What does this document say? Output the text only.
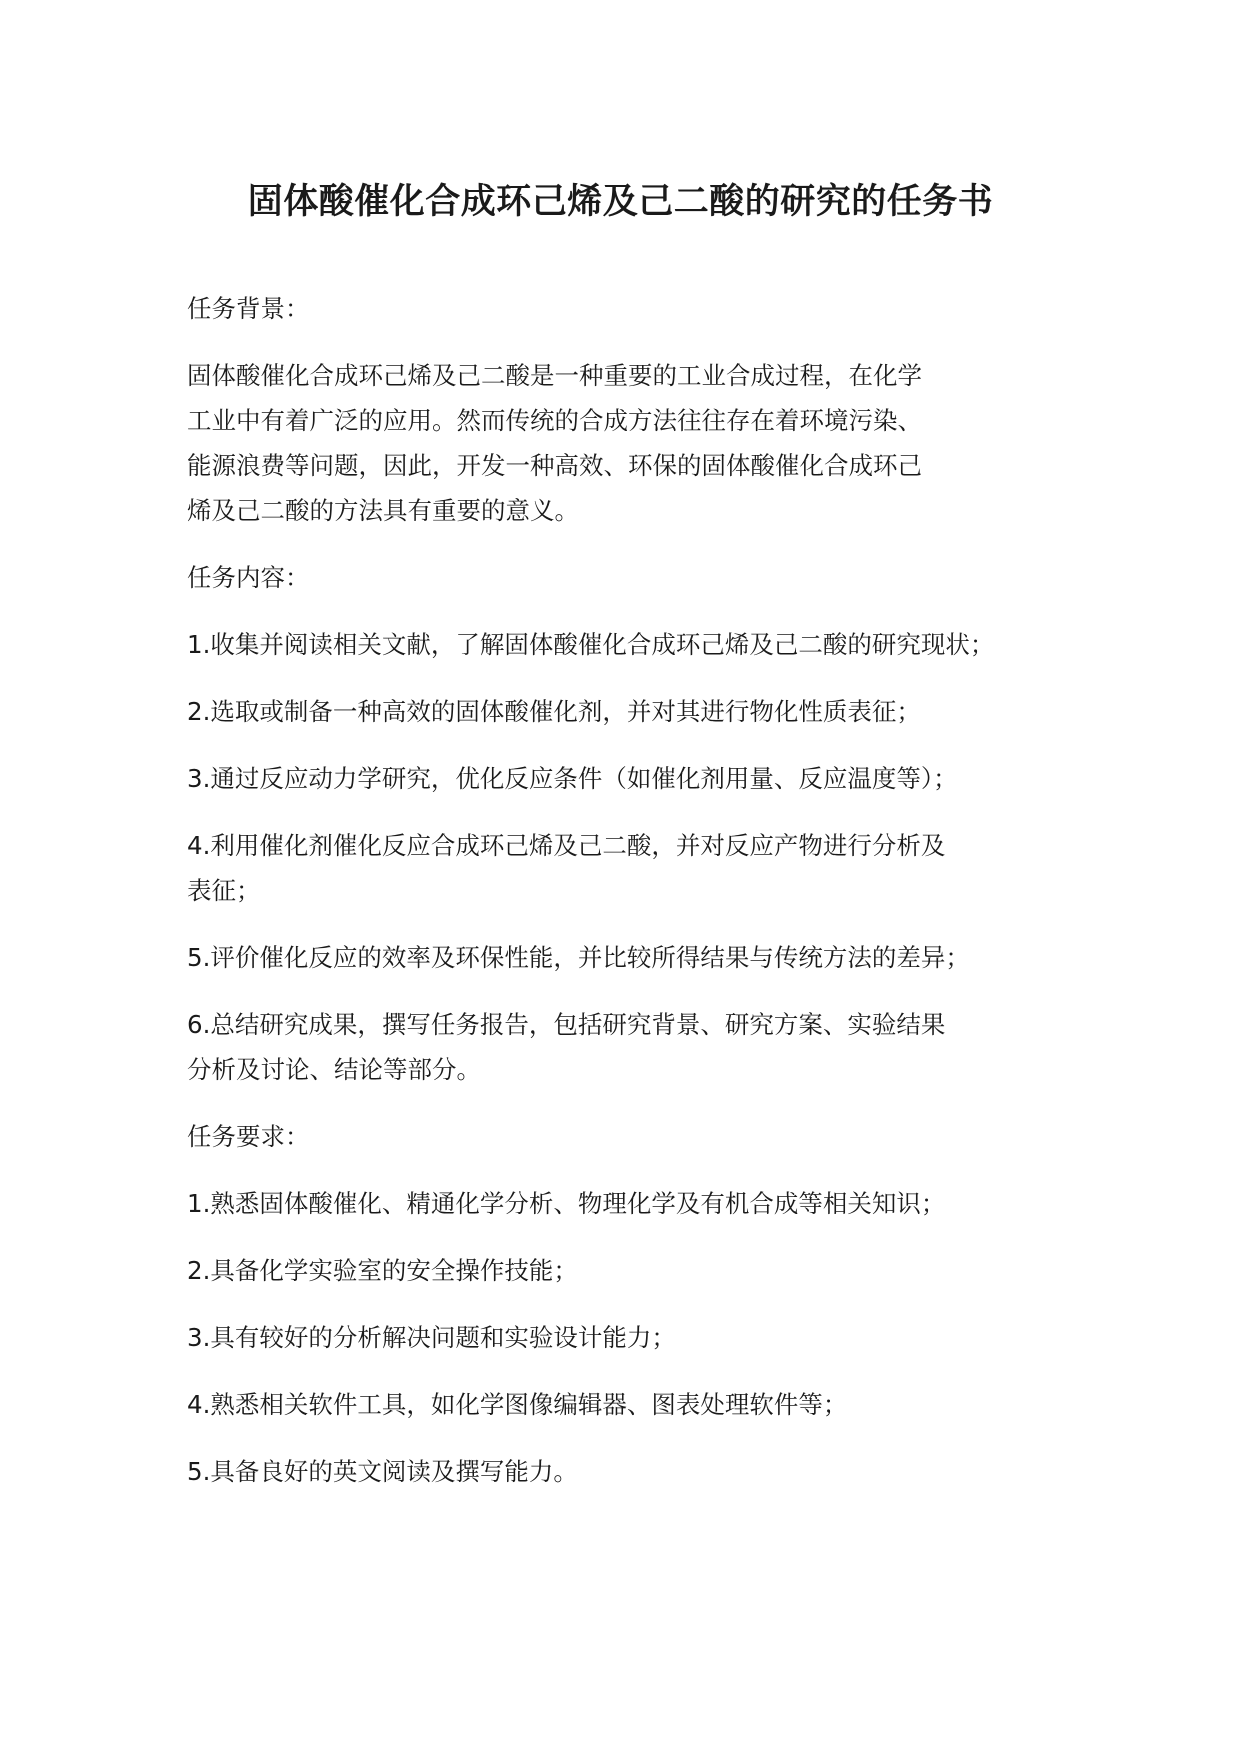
固体酸催化合成环己烯及己二酸的研究的任务书

任务背景：

固体酸催化合成环己烯及己二酸是一种重要的工业合成过程，在化学工业中有着广泛的应用。然而传统的合成方法往往存在着环境污染、能源浪费等问题，因此，开发一种高效、环保的固体酸催化合成环己烯及己二酸的方法具有重要的意义。

任务内容：

1.收集并阅读相关文献，了解固体酸催化合成环己烯及己二酸的研究现状；

2.选取或制备一种高效的固体酸催化剂，并对其进行物化性质表征；

3.通过反应动力学研究，优化反应条件（如催化剂用量、反应温度等）；

4.利用催化剂催化反应合成环己烯及己二酸，并对反应产物进行分析及表征；

5.评价催化反应的效率及环保性能，并比较所得结果与传统方法的差异；

6.总结研究成果，撰写任务报告，包括研究背景、研究方案、实验结果分析及讨论、结论等部分。

任务要求：

1.熟悉固体酸催化、精通化学分析、物理化学及有机合成等相关知识；

2.具备化学实验室的安全操作技能；

3.具有较好的分析解决问题和实验设计能力；

4.熟悉相关软件工具，如化学图像编辑器、图表处理软件等；

5.具备良好的英文阅读及撰写能力。
